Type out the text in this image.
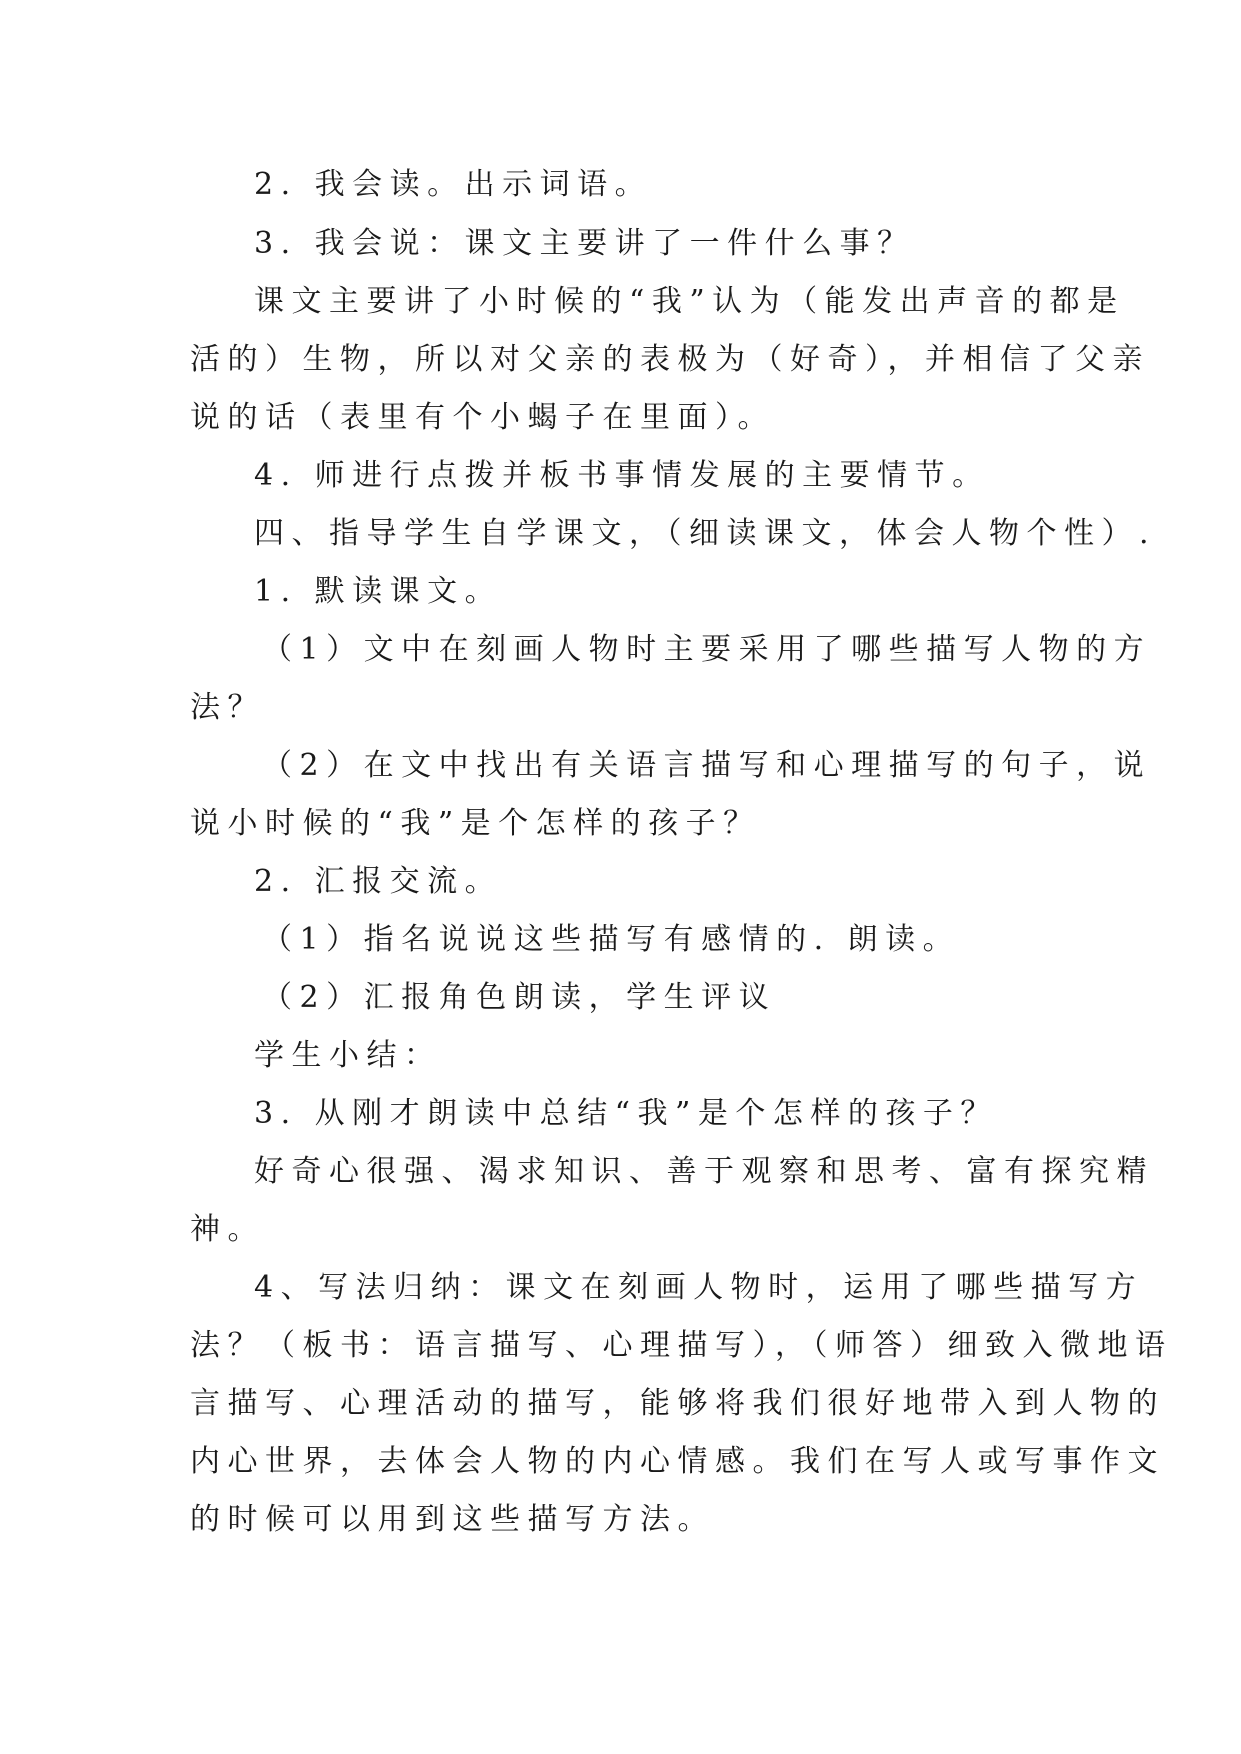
2. 我会读。出示词语。
3. 我会说：课文主要讲了一件什么事？
课文主要讲了小时候的“我”认为（能发出声音的都是
活的）生物，所以对父亲的表极为（好奇），并相信了父亲
说的话（表里有个小蝎子在里面）。
4. 师进行点拨并板书事情发展的主要情节。
四、指导学生自学课文，（细读课文，体会人物个性）.
1. 默读课文。
（1）文中在刻画人物时主要采用了哪些描写人物的方
法？
（2）在文中找出有关语言描写和心理描写的句子，说
说小时候的“我”是个怎样的孩子？
2. 汇报交流。
（1）指名说说这些描写有感情的. 朗读。
（2）汇报角色朗读，学生评议
学生小结：
3. 从刚才朗读中总结“我”是个怎样的孩子？
好奇心很强、渴求知识、善于观察和思考、富有探究精
神。
4、写法归纳：课文在刻画人物时，运用了哪些描写方
法？（板书：语言描写、心理描写），（师答）细致入微地语
言描写、心理活动的描写，能够将我们很好地带入到人物的
内心世界，去体会人物的内心情感。我们在写人或写事作文
的时候可以用到这些描写方法。
